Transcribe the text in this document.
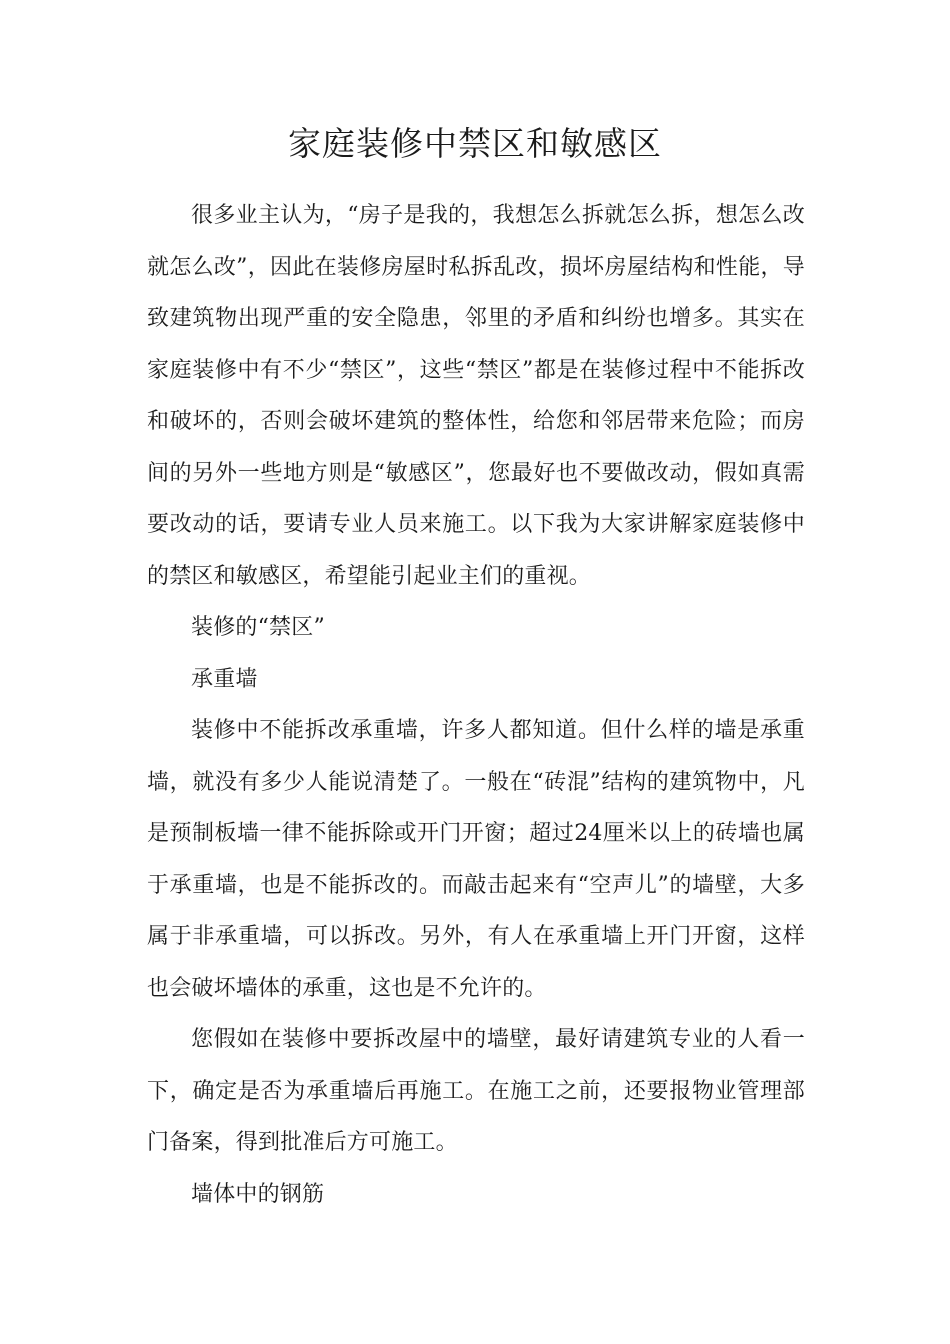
家庭装修中禁区和敏感区

很多业主认为，“房子是我的，我想怎么拆就怎么拆，想怎么改就怎么改”，因此在装修房屋时私拆乱改，损坏房屋结构和性能，导致建筑物出现严重的安全隐患，邻里的矛盾和纠纷也增多。其实在家庭装修中有不少“禁区”，这些“禁区”都是在装修过程中不能拆改和破坏的，否则会破坏建筑的整体性，给您和邻居带来危险；而房间的另外一些地方则是“敏感区”，您最好也不要做改动，假如真需要改动的话，要请专业人员来施工。以下我为大家讲解家庭装修中的禁区和敏感区，希望能引起业主们的重视。

装修的“禁区”

承重墙

装修中不能拆改承重墙，许多人都知道。但什么样的墙是承重墙，就没有多少人能说清楚了。一般在“砖混”结构的建筑物中，凡是预制板墙一律不能拆除或开门开窗；超过24厘米以上的砖墙也属于承重墙，也是不能拆改的。而敲击起来有“空声儿”的墙壁，大多属于非承重墙，可以拆改。另外，有人在承重墙上开门开窗，这样也会破坏墙体的承重，这也是不允许的。

您假如在装修中要拆改屋中的墙壁，最好请建筑专业的人看一下，确定是否为承重墙后再施工。在施工之前，还要报物业管理部门备案，得到批准后方可施工。

墙体中的钢筋
